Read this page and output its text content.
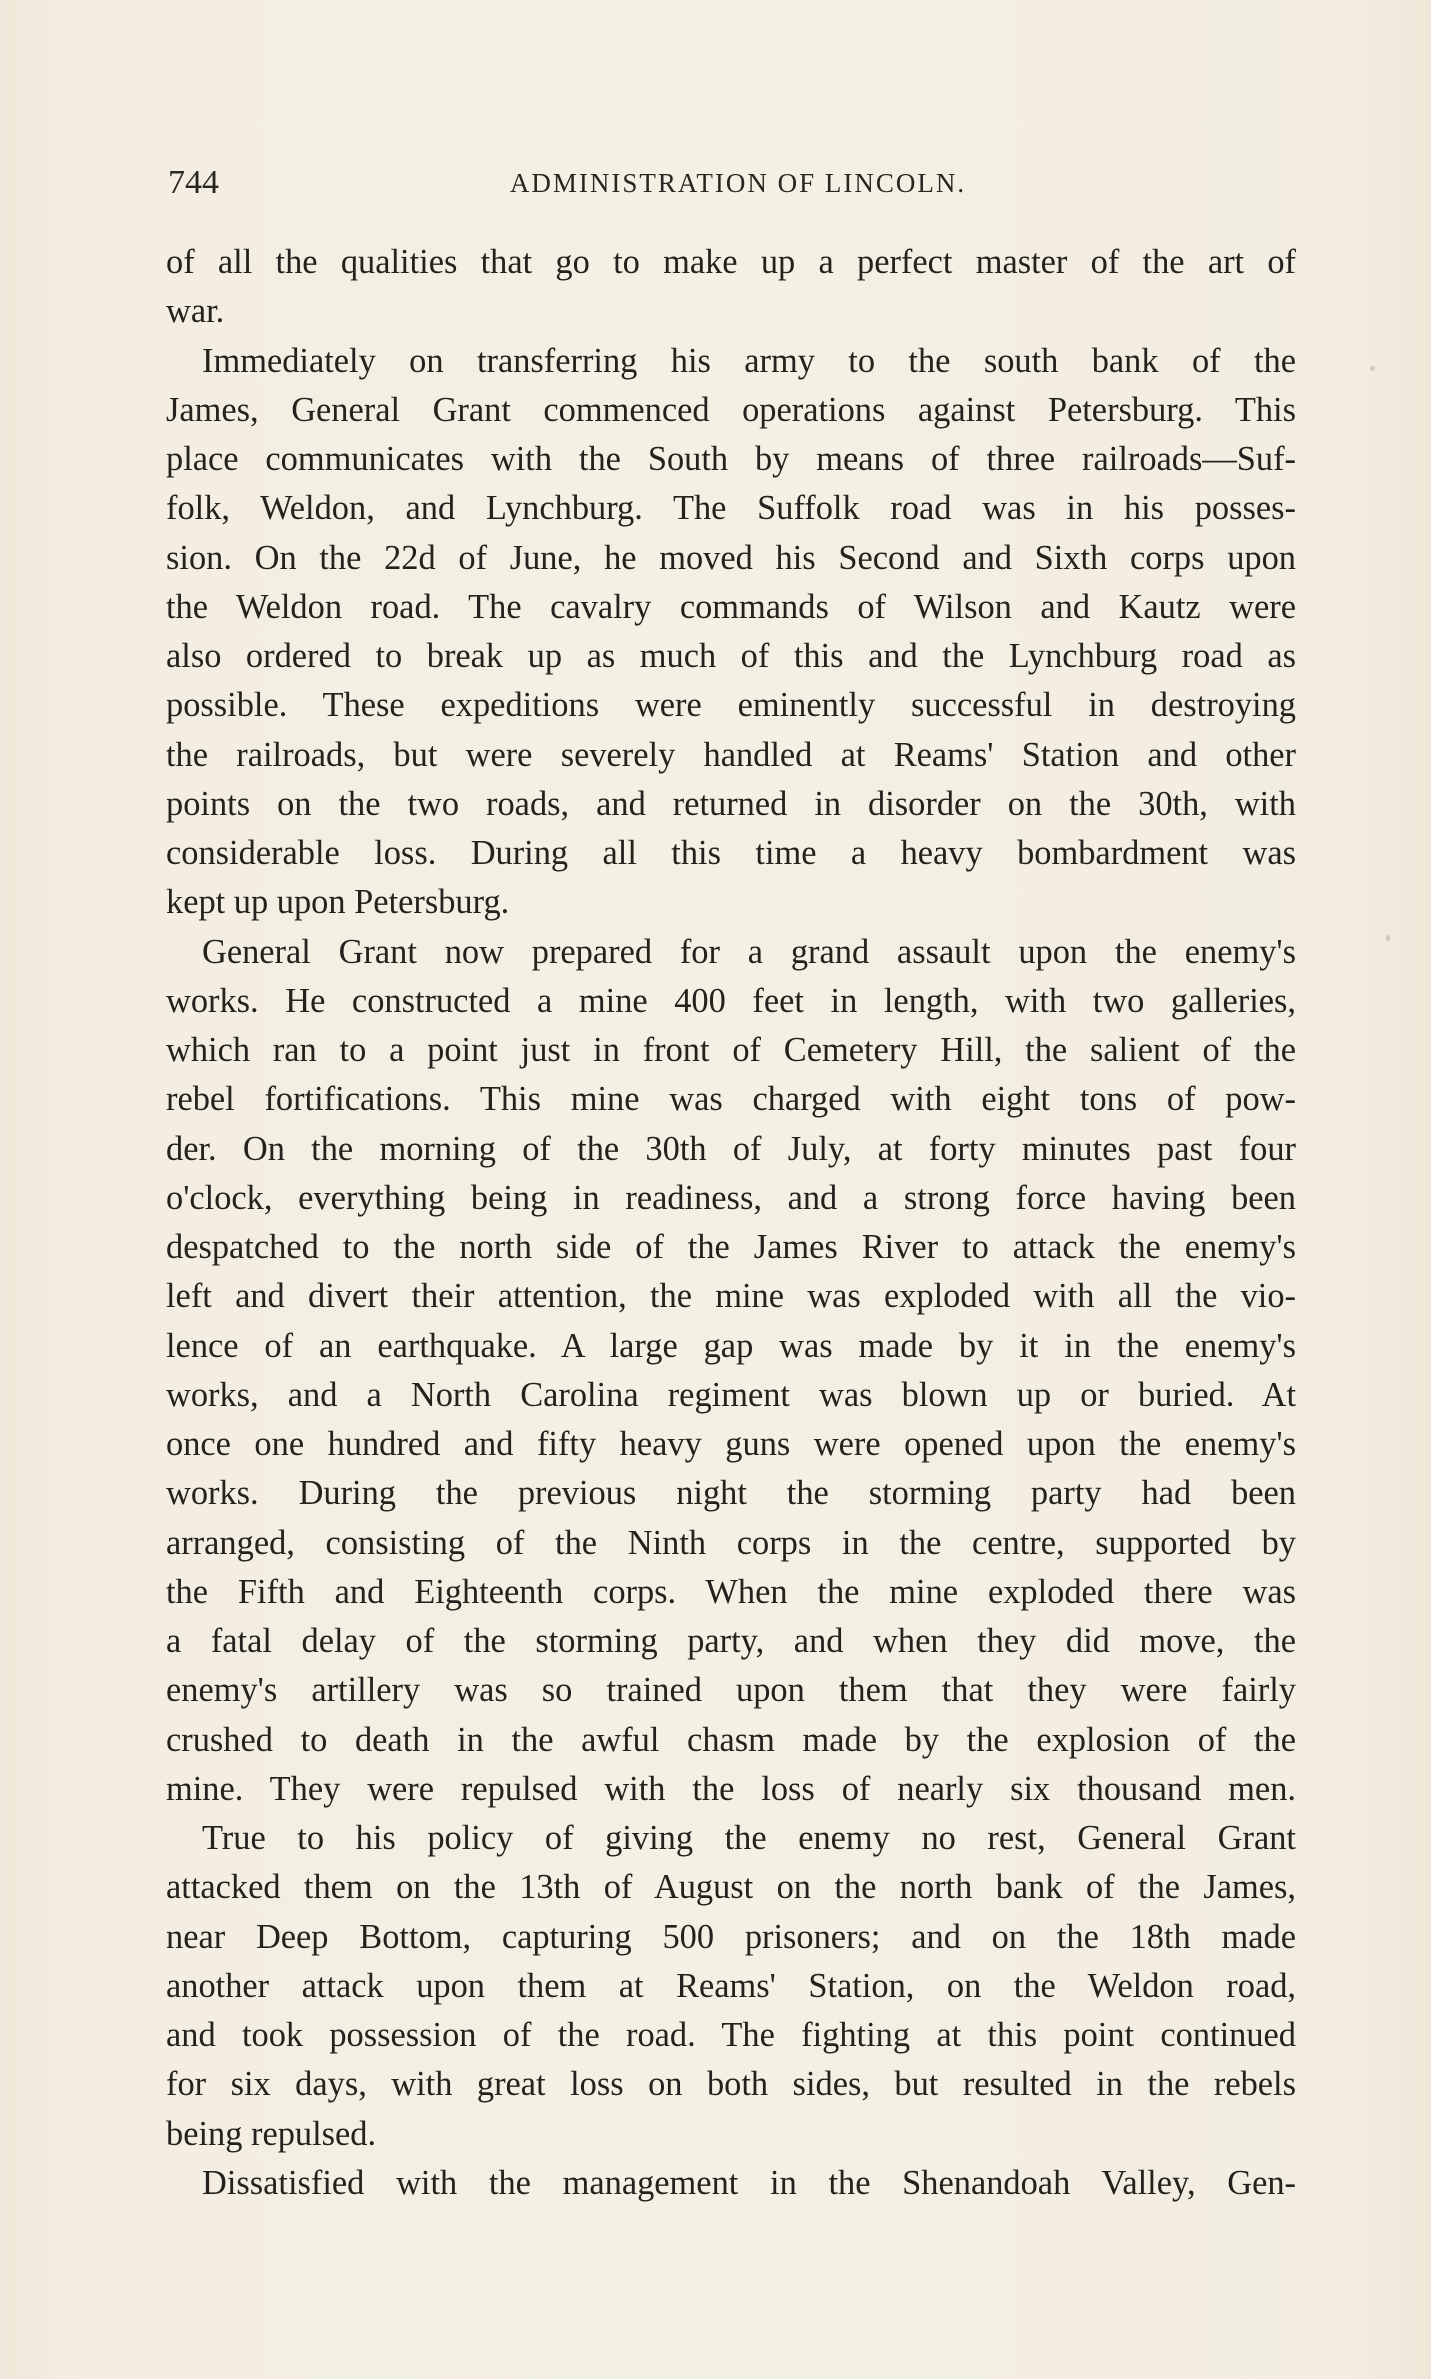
744	ADMINISTRATION OF LINCOLN.

of all the qualities that go to make up a perfect master of the art of

war.

Immediately on transferring his army to the south bank of the

James, General Grant commenced operations against Petersburg. This

place communicates with the South by means of three railroads—Suf-

folk, Weldon, and Lynchburg. The Suffolk road was in his posses-

sion. On the 22d of June, he moved his Second and Sixth corps upon

the Weldon road. The cavalry commands of Wilson and Kautz were

also ordered to break up as much of this and the Lynchburg road as

possible. These expeditions were eminently successful in destroying

the railroads, but were severely handled at Reams' Station and other

points on the two roads, and returned in disorder on the 30th, with

considerable loss. During all this time a heavy bombardment was

kept up upon Petersburg.

General Grant now prepared for a grand assault upon the enemy's

works. He constructed a mine 400 feet in length, with two galleries,

which ran to a point just in front of Cemetery Hill, the salient of the

rebel fortifications. This mine was charged with eight tons of pow-

der. On the morning of the 30th of July, at forty minutes past four

o'clock, everything being in readiness, and a strong force having been

despatched to the north side of the James River to attack the enemy's

left and divert their attention, the mine was exploded with all the vio-

lence of an earthquake. A large gap was made by it in the enemy's

works, and a North Carolina regiment was blown up or buried. At

once one hundred and fifty heavy guns were opened upon the enemy's

works. During the previous night the storming party had been

arranged, consisting of the Ninth corps in the centre, supported by

the Fifth and Eighteenth corps. When the mine exploded there was

a fatal delay of the storming party, and when they did move, the

enemy's artillery was so trained upon them that they were fairly

crushed to death in the awful chasm made by the explosion of the

mine. They were repulsed with the loss of nearly six thousand men.

True to his policy of giving the enemy no rest, General Grant

attacked them on the 13th of August on the north bank of the James,

near Deep Bottom, capturing 500 prisoners; and on the 18th made

another attack upon them at Reams' Station, on the Weldon road,

and took possession of the road. The fighting at this point continued

for six days, with great loss on both sides, but resulted in the rebels

being repulsed.

Dissatisfied with the management in the Shenandoah Valley, Gen-
